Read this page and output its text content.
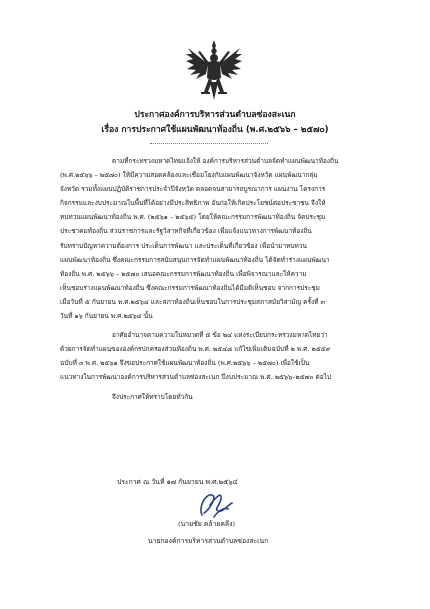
ประกาศองค์การบริหารส่วนตำบลซ่องสะเนก
เรื่อง การประกาศใช้แผนพัฒนาท้องถิ่น (พ.ศ.๒๕๖๖ – ๒๕๗๐)
ตามที่กระทรวงมหาดไทยแจ้งให้ องค์การบริหารส่วนตำบลจัดทำแผนพัฒนาท้องถิ่น
(พ.ศ.๒๕๖๖ – ๒๕๗๐) ให้มีความสอดคล้องและเชื่อมโยงกับแผนพัฒนาจังหวัด แผนพัฒนากลุ่ม
จังหวัด รวมทั้งแผนปฏิบัติราชการประจำปีจังหวัด ตลอดจนสามารถบูรณาการ แผนงาน โครงการ
กิจกรรมและงบประมาณในพื้นที่ได้อย่างมีประสิทธิภาพ อันก่อให้เกิดประโยชน์ต่อประชาชน จึงให้
ทบทวนแผนพัฒนาท้องถิ่น พ.ศ. (๒๕๖๑ – ๒๕๖๕) โดยให้คณะกรรมการพัฒนาท้องถิ่น จัดประชุม
ประชาคมท้องถิ่น ส่วนราชการและรัฐวิสาหกิจที่เกี่ยวข้อง เพื่อแจ้งแนวทางการพัฒนาท้องถิ่น
รับทราบปัญหาความต้องการ ประเด็นการพัฒนา และประเด็นที่เกี่ยวข้อง เพื่อนำมาทบทวน
แผนพัฒนาท้องถิ่น ซึ่งคณะกรรมการสนับสนุนการจัดทำแผนพัฒนาท้องถิ่น ได้จัดทำร่างแผนพัฒนา
ท้องถิ่น พ.ศ. ๒๕๖๖ – ๒๕๗๐ เสนอคณะกรรมการพัฒนาท้องถิ่น เพื่อพิจารณาและให้ความ
เห็นชอบร่างแผนพัฒนาท้องถิ่น ซึ่งคณะกรรมการพัฒนาท้องถิ่นได้มีมติเห็นชอบ จากการประชุม
เมื่อวันที่ ๕ กันยายน พ.ศ.๒๕๖๔ และสภาท้องถิ่นเห็นชอบในการประชุมสภาสมัยวิสามัญ ครั้งที่ ๓
วันที่ ๑๖ กันยายน พ.ศ.๒๕๖๔ นั้น
อาศัยอำนาจตามความในหมวดที่ ๕ ข้อ ๒๔ แห่งระเบียบกระทรวงมหาดไทยว่า
ด้วยการจัดทำแผนขององค์กรปกครองส่วนท้องถิ่น พ.ศ. ๒๕๔๘ แก้ไขเพิ่มเติมฉบับที่ ๒ พ.ศ. ๒๕๕๙
ฉบับที่ ๓ พ.ศ. ๒๕๖๑ จึงขอประกาศใช้แผนพัฒนาท้องถิ่น (พ.ศ.๒๕๖๖ – ๒๕๗๐) เพื่อใช้เป็น
แนวทางในการพัฒนาองค์การบริหารส่วนตำบลซ่องสะเนก ปีงบประมาณ พ.ศ. ๒๕๖๖–๒๕๗๐ ต่อไป
จึงประกาศให้ทราบโดยทั่วกัน
ประกาศ ณ วันที่ ๑๗ กันยายน พ.ศ.๒๕๖๔
(นายชัย คล้ายคลึง)
นายกองค์การบริหารส่วนตำบลซ่องสะเนก
